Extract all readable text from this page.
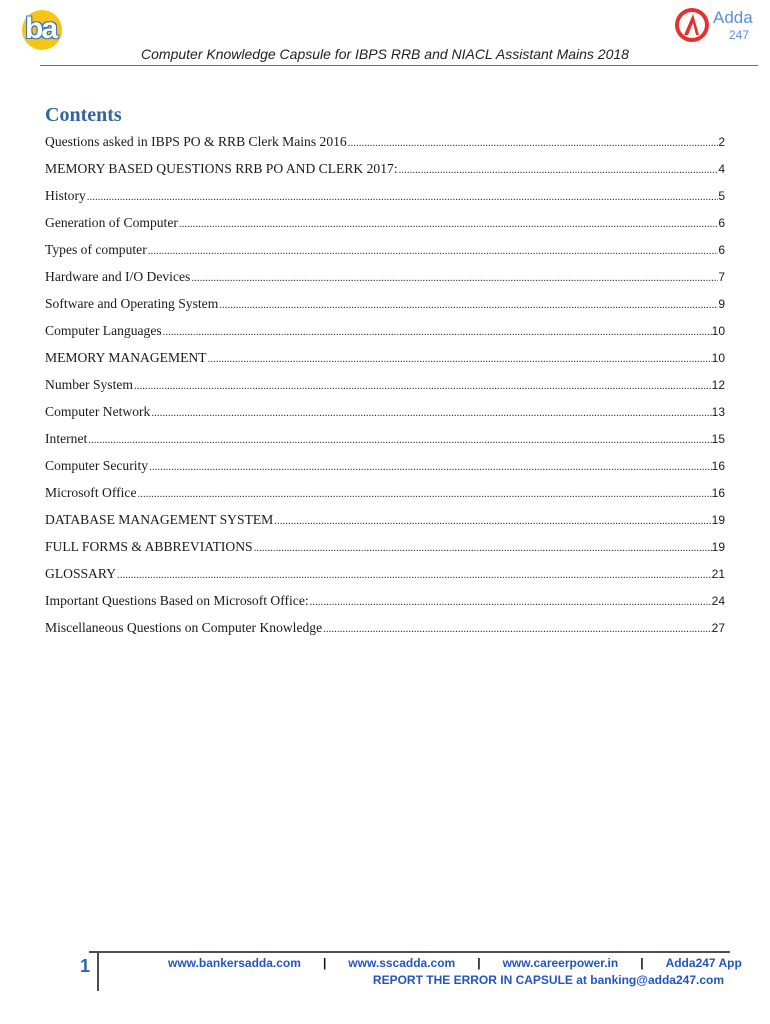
ba	Adda
247
Computer Knowledge Capsule for IBPS RRB and NIACL Assistant Mains 2018
Contents
Questions asked in IBPS PO & RRB Clerk Mains 2016 .....	2
MEMORY BASED QUESTIONS RRB PO AND CLERK 2017: .....	4
History .....	5
Generation of Computer .....	6
Types of computer .....	6
Hardware and I/O Devices .....	7
Software and Operating System .....	9
Computer Languages .....	10
MEMORY MANAGEMENT .....	10
Number System .....	12
Computer Network .....	13
Internet .....	15
Computer Security .....	16
Microsoft Office .....	16
DATABASE MANAGEMENT SYSTEM .....	19
FULL FORMS & ABBREVIATIONS .....	19
GLOSSARY .....	21
Important Questions Based on Microsoft Office: .....	24
Miscellaneous Questions on Computer Knowledge .....	27
1	www.bankersadda.com | www.sscadda.com | www.careerpower.in | Adda247 App
REPORT THE ERROR IN CAPSULE at banking@adda247.com
